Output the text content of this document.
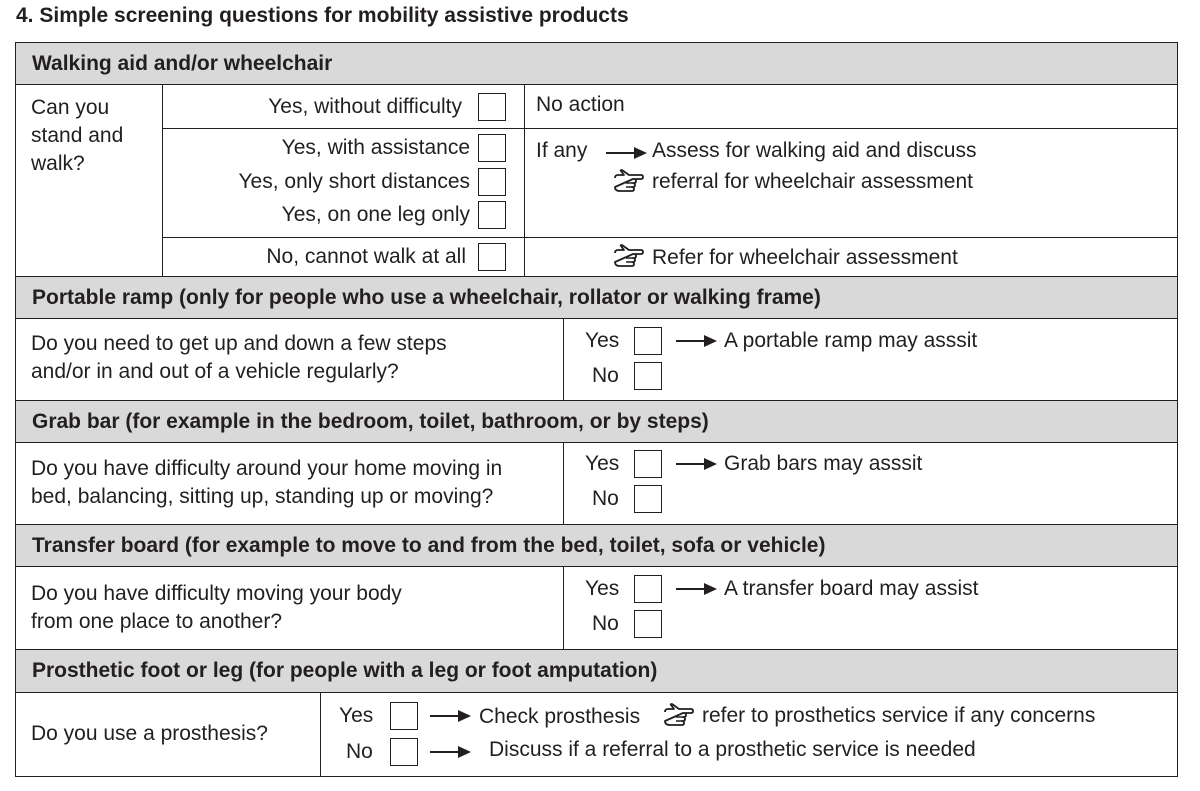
4. Simple screening questions for mobility assistive products
Walking aid and/or wheelchair
Can you
stand and
walk?
Yes, without difficulty	No action
Yes, with assistance
Yes, only short distances
Yes, on one leg only
If any	Assess for walking aid and discuss
referral for wheelchair assessment
No, cannot walk at all	Refer for wheelchair assessment
Portable ramp (only for people who use a wheelchair, rollator or walking frame)
Do you need to get up and down a few steps
and/or in and out of a vehicle regularly?
Yes	A portable ramp may asssit
No
Grab bar (for example in the bedroom, toilet, bathroom, or by steps)
Do you have difficulty around your home moving in
bed, balancing, sitting up, standing up or moving?
Yes	Grab bars may asssit
No
Transfer board (for example to move to and from the bed, toilet, sofa or vehicle)
Do you have difficulty moving your body
from one place to another?
Yes	A transfer board may assist
No
Prosthetic foot or leg (for people with a leg or foot amputation)
Do you use a prosthesis?
Yes	Check prosthesis	refer to prosthetics service if any concerns
No	Discuss if a referral to a prosthetic service is needed
